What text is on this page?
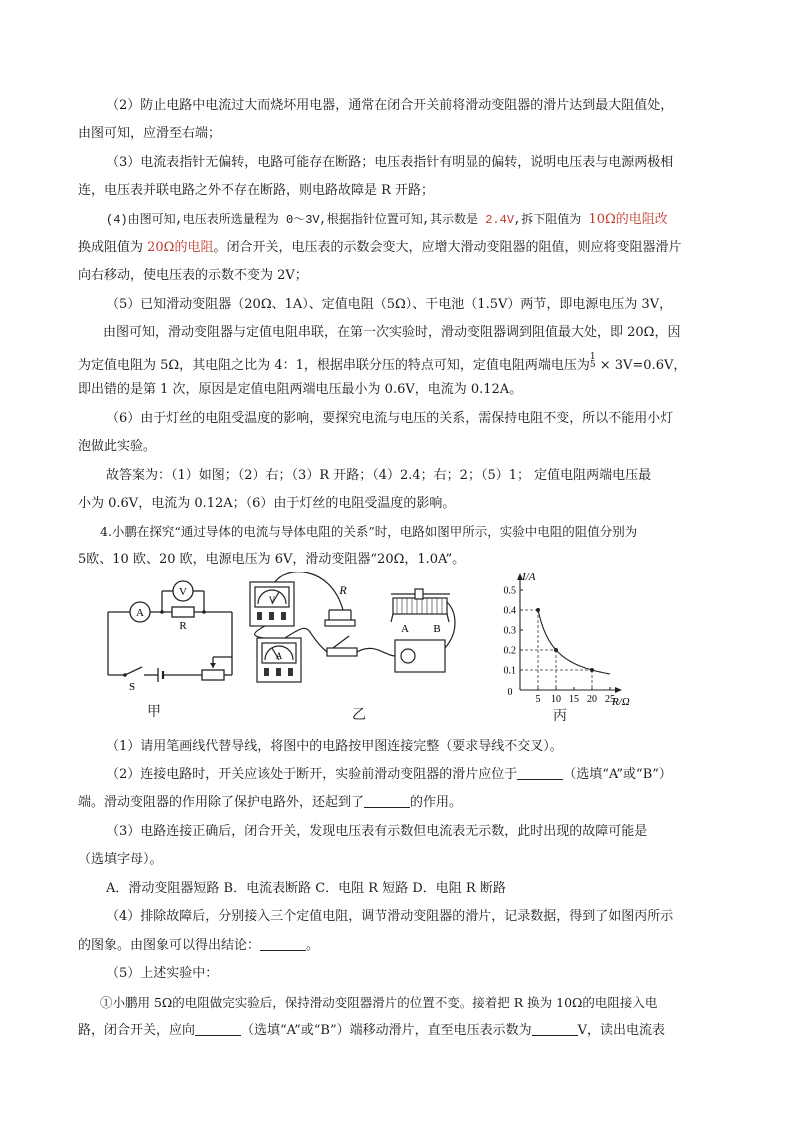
（2）防止电路中电流过大而烧坏用电器，通常在闭合开关前将滑动变阻器的滑片达到最大阻值处，
由图可知，应滑至右端；
（3）电流表指针无偏转，电路可能存在断路；电压表指针有明显的偏转，说明电压表与电源两极相
连，电压表并联电路之外不存在断路，则电路故障是 R 开路；
(4)由图可知,电压表所选量程为 0～3V,根据指针位置可知,其示数是 2.4V,拆下阻值为 10Ω的电阻改
换成阻值为 20Ω的电阻。闭合开关，电压表的示数会变大，应增大滑动变阻器的阻值，则应将变阻器滑片
向右移动，使电压表的示数不变为 2V；
（5）已知滑动变阻器（20Ω、1A）、定值电阻（5Ω）、干电池（1.5V）两节，即电源电压为 3V，
由图可知，滑动变阻器与定值电阻串联，在第一次实验时，滑动变阻器调到阻值最大处，即 20Ω，因
为定值电阻为 5Ω，其电阻之比为 4：1，根据串联分压的特点可知，定值电阻两端电压为
1
5 × 3V=0.6V，
即出错的是第 1 次，原因是定值电阻两端电压最小为 0.6V，电流为 0.12A。
（6）由于灯丝的电阻受温度的影响，要探究电流与电压的关系，需保持电阻不变，所以不能用小灯
泡做此实验。
故答案为：（1）如图；（2）右；（3）R 开路；（4）2.4；右；2；（5）1； 定值电阻两端电压最
小为 0.6V，电流为 0.12A；（6）由于灯丝的电阻受温度的影响。
4.小鹏在探究“通过导体的电流与导体电阻的关系”时，电路如图甲所示，实验中电阻的阻值分别为
5欧、10 欧、20 欧，电源电压为 6V，滑动变阻器“20Ω，1.0A”。
A
V
R
S
甲
V
A
R
A B
乙
I/A
R/Ω
0
5 10 15 20 25
0.1
0.2
0.3
0.4
0.5
丙
（1）请用笔画线代替导线，将图中的电路按甲图连接完整（要求导线不交叉）。
（2）连接电路时，开关应该处于断开，实验前滑动变阻器的滑片应位于	（选填“A”或“B”）
端。滑动变阻器的作用除了保护电路外，还起到了	的作用。
（3）电路连接正确后，闭合开关，发现电压表有示数但电流表无示数，此时出现的故障可能是
（选填字母）。
A．滑动变阻器短路 B．电流表断路 C．电阻 R 短路 D．电阻 R 断路
（4）排除故障后，分别接入三个定值电阻，调节滑动变阻器的滑片，记录数据，得到了如图丙所示
的图象。由图象可以得出结论：	。
（5）上述实验中：
①小鹏用 5Ω的电阻做完实验后，保持滑动变阻器滑片的位置不变。接着把 R 换为 10Ω的电阻接入电
路，闭合开关，应向	（选填“A”或“B”）端移动滑片，直至电压表示数为	V，读出电流表
